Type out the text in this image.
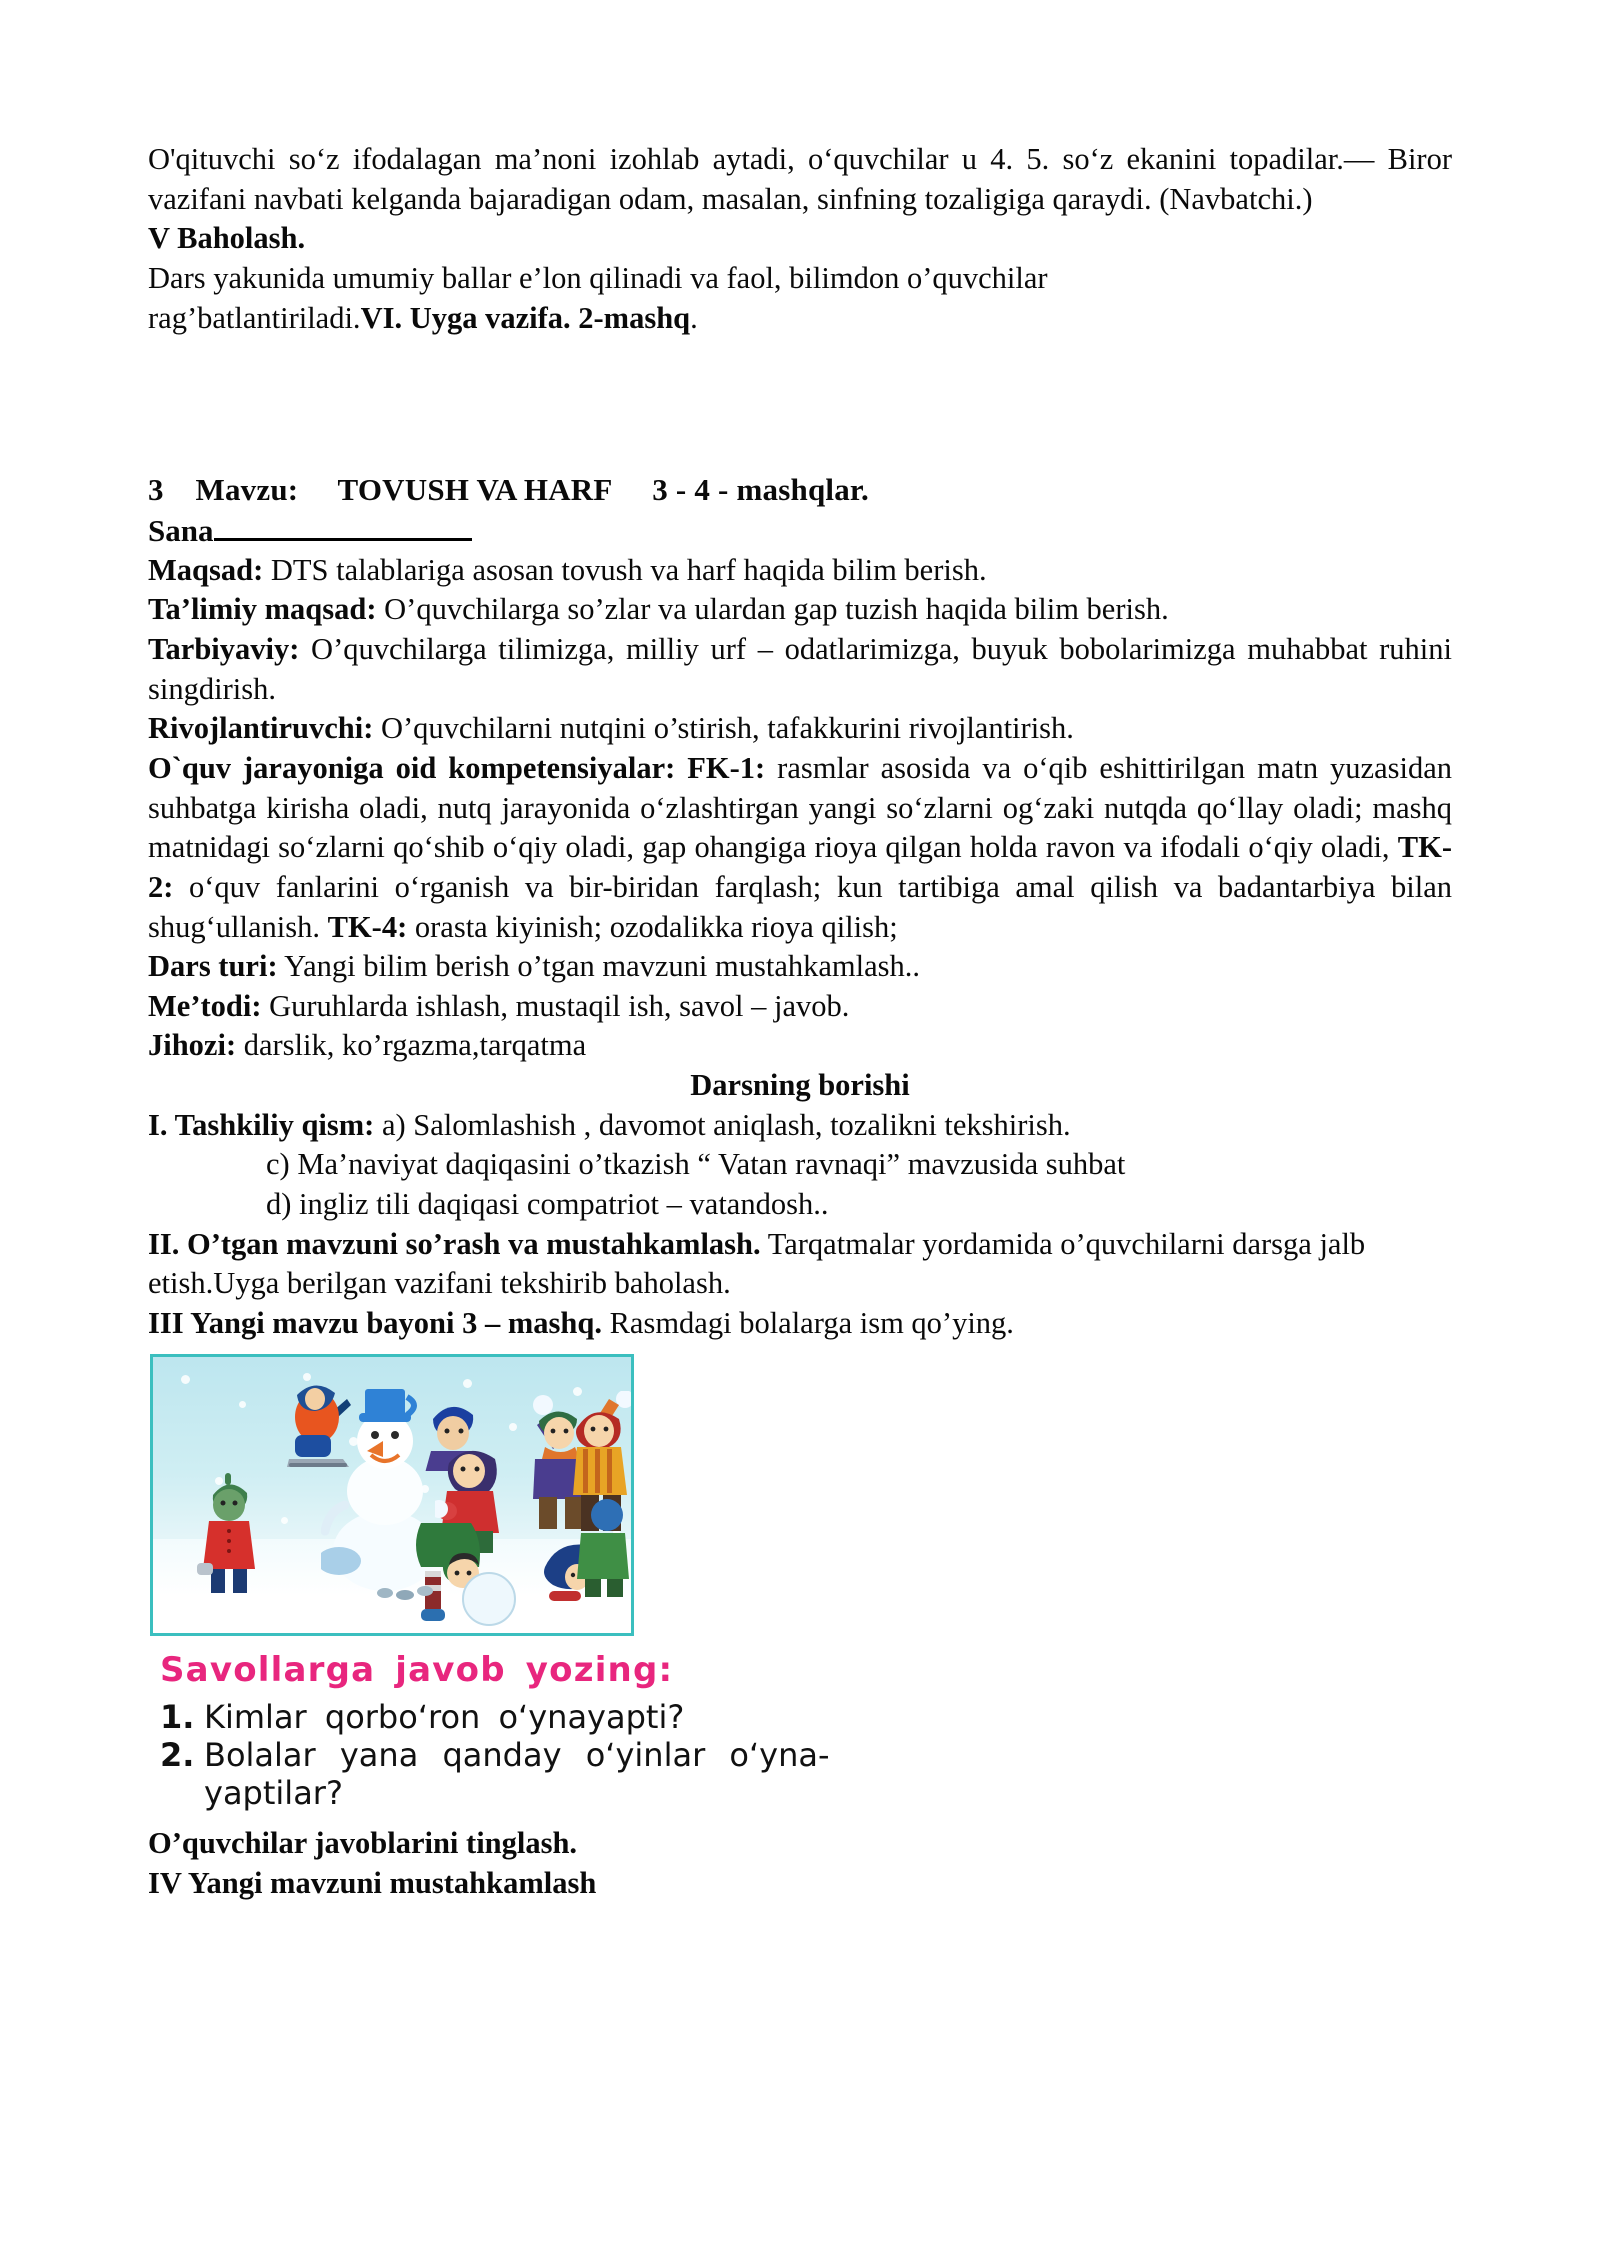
O'qituvchi so‘z ifodalagan ma’noni izohlab aytadi, o‘quvchilar u 4. 5. so‘z ekanini topadilar.— Biror vazifani navbati kelganda bajaradigan odam, masalan, sinfning tozaligiga qaraydi. (Navbatchi.)

V Baholash.

Dars yakunida umumiy ballar e’lon qilinadi va faol, bilimdon o’quvchilar

rag’batlantiriladi.VI. Uyga vazifa. 2-mashq.

3 Mavzu: TOVUSH VA HARF 3 - 4 - mashqlar.

Sana

Maqsad: DTS talablariga asosan tovush va harf haqida bilim berish.

Ta’limiy maqsad: O’quvchilarga so’zlar va ulardan gap tuzish haqida bilim berish.

Tarbiyaviy: O’quvchilarga tilimizga, milliy urf – odatlarimizga, buyuk bobolarimizga muhabbat ruhini singdirish.

Rivojlantiruvchi: O’quvchilarni nutqini o’stirish, tafakkurini rivojlantirish.

O`quv jarayoniga oid kompetensiyalar: FK-1: rasmlar asosida va o‘qib eshittirilgan matn yuzasidan suhbatga kirisha oladi, nutq jarayonida o‘zlashtirgan yangi so‘zlarni og‘zaki nutqda qo‘llay oladi; mashq matnidagi so‘zlarni qo‘shib o‘qiy oladi, gap ohangiga rioya qilgan holda ravon va ifodali o‘qiy oladi, TK-2: o‘quv fanlarini o‘rganish va bir-biridan farqlash; kun tartibiga amal qilish va badantarbiya bilan shug‘ullanish. TK-4: orasta kiyinish; ozodalikka rioya qilish;

Dars turi: Yangi bilim berish o’tgan mavzuni mustahkamlash..

Me’todi: Guruhlarda ishlash, mustaqil ish, savol – javob.

Jihozi: darslik, ko’rgazma,tarqatma

Darsning borishi

I. Tashkiliy qism: a) Salomlashish , davomot aniqlash, tozalikni tekshirish.

c) Ma’naviyat daqiqasini o’tkazish “ Vatan ravnaqi” mavzusida suhbat

d) ingliz tili daqiqasi compatriot – vatandosh..

II. O’tgan mavzuni so’rash va mustahkamlash. Tarqatmalar yordamida o’quvchilarni darsga jalb etish.Uyga berilgan vazifani tekshirib baholash.

III Yangi mavzu bayoni 3 – mashq. Rasmdagi bolalarga ism qo’ying.

Savollarga javob yozing:
1. Kimlar qorbo‘ron o‘ynayapti?
2. Bolalar yana qanday o‘yinlar o‘yna-
yaptilar?

O’quvchilar javoblarini tinglash.

IV Yangi mavzuni mustahkamlash
